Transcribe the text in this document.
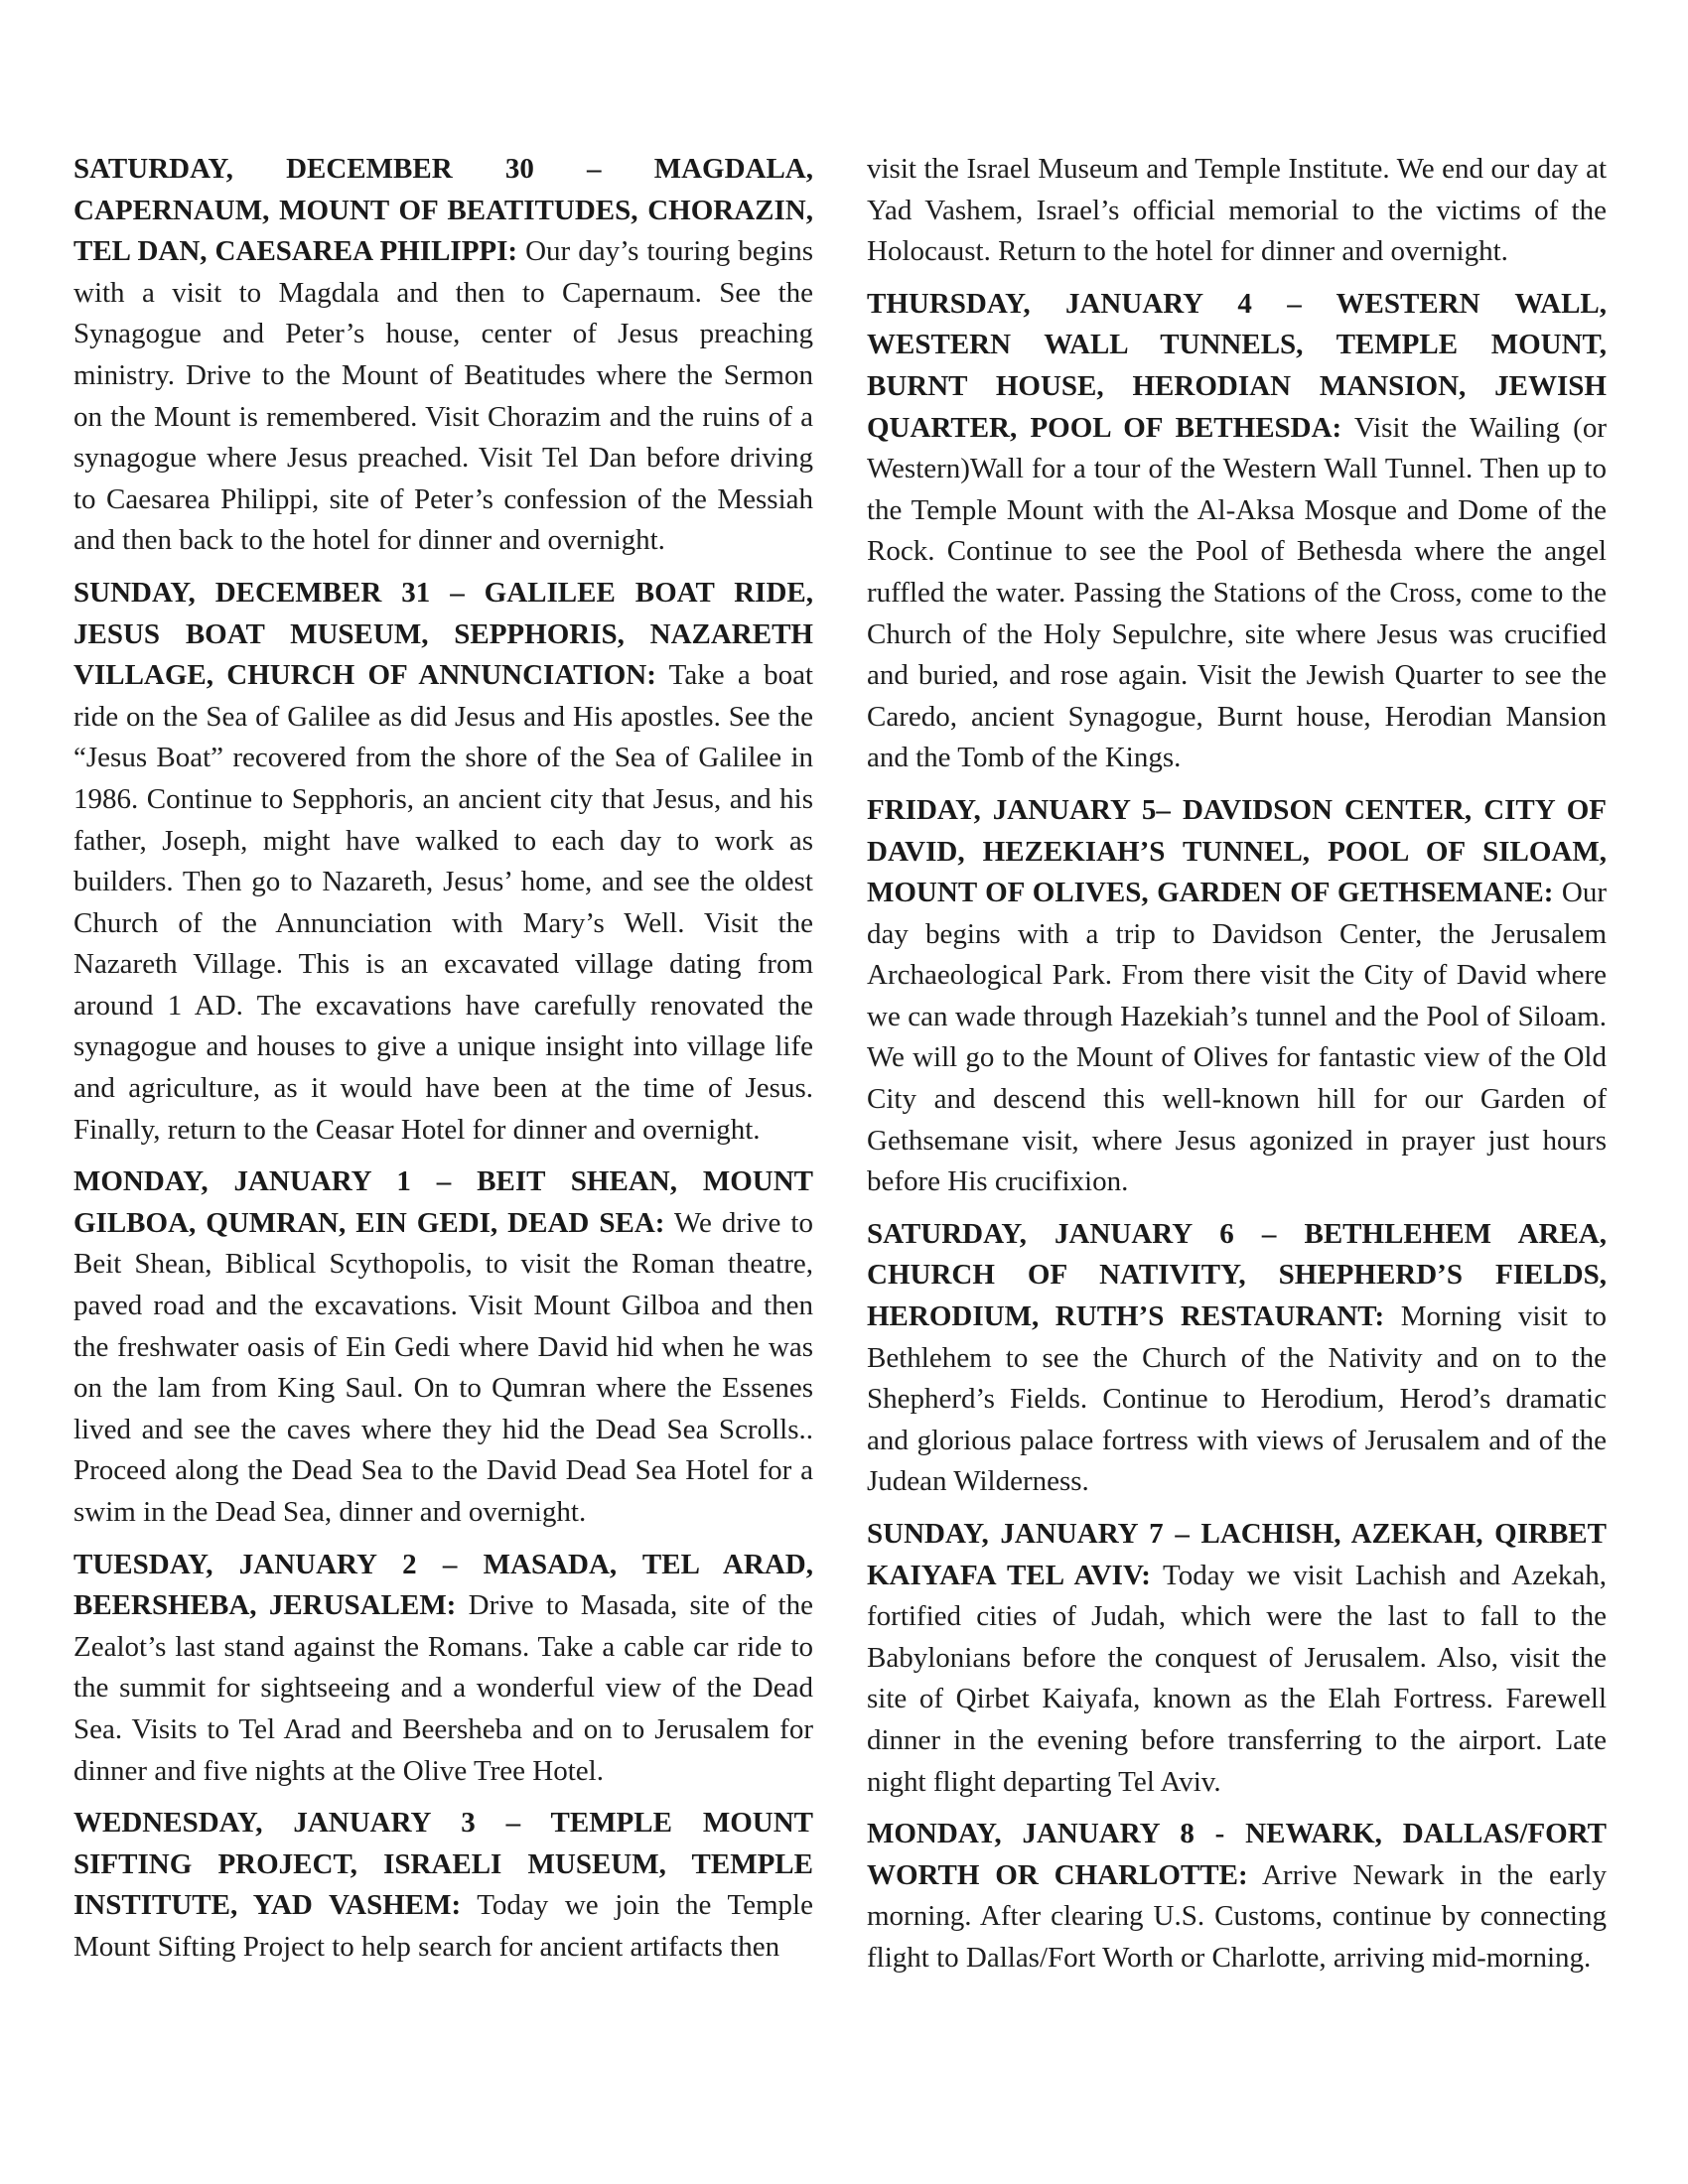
SATURDAY, DECEMBER 30 – MAGDALA, CAPERNAUM, MOUNT OF BEATITUDES, CHORAZIN, TEL DAN, CAESAREA PHILIPPI: Our day’s touring begins with a visit to Magdala and then to Capernaum. See the Synagogue and Peter’s house, center of Jesus preaching ministry. Drive to the Mount of Beatitudes where the Sermon on the Mount is remembered. Visit Chorazim and the ruins of a synagogue where Jesus preached. Visit Tel Dan before driving to Caesarea Philippi, site of Peter’s confession of the Messiah and then back to the hotel for dinner and overnight.

SUNDAY, DECEMBER 31 – GALILEE BOAT RIDE, JESUS BOAT MUSEUM, SEPPHORIS, NAZARETH VILLAGE, CHURCH OF ANNUNCIATION: Take a boat ride on the Sea of Galilee as did Jesus and His apostles. See the “Jesus Boat” recovered from the shore of the Sea of Galilee in 1986. Continue to Sepphoris, an ancient city that Jesus, and his father, Joseph, might have walked to each day to work as builders. Then go to Nazareth, Jesus’ home, and see the oldest Church of the Annunciation with Mary’s Well. Visit the Nazareth Village. This is an excavated village dating from around 1 AD. The excavations have carefully renovated the synagogue and houses to give a unique insight into village life and agriculture, as it would have been at the time of Jesus. Finally, return to the Ceasar Hotel for dinner and overnight.

MONDAY, JANUARY 1 – BEIT SHEAN, MOUNT GILBOA, QUMRAN, EIN GEDI, DEAD SEA: We drive to Beit Shean, Biblical Scythopolis, to visit the Roman theatre, paved road and the excavations. Visit Mount Gilboa and then the freshwater oasis of Ein Gedi where David hid when he was on the lam from King Saul. On to Qumran where the Essenes lived and see the caves where they hid the Dead Sea Scrolls.. Proceed along the Dead Sea to the David Dead Sea Hotel for a swim in the Dead Sea, dinner and overnight.

TUESDAY, JANUARY 2 – MASADA, TEL ARAD, BEERSHEBA, JERUSALEM: Drive to Masada, site of the Zealot’s last stand against the Romans. Take a cable car ride to the summit for sightseeing and a wonderful view of the Dead Sea. Visits to Tel Arad and Beersheba and on to Jerusalem for dinner and five nights at the Olive Tree Hotel.

WEDNESDAY, JANUARY 3 – TEMPLE MOUNT SIFTING PROJECT, ISRAELI MUSEUM, TEMPLE INSTITUTE, YAD VASHEM: Today we join the Temple Mount Sifting Project to help search for ancient artifacts then

visit the Israel Museum and Temple Institute. We end our day at Yad Vashem, Israel’s official memorial to the victims of the Holocaust. Return to the hotel for dinner and overnight.

THURSDAY, JANUARY 4 – WESTERN WALL, WESTERN WALL TUNNELS, TEMPLE MOUNT, BURNT HOUSE, HERODIAN MANSION, JEWISH QUARTER, POOL OF BETHESDA: Visit the Wailing (or Western)Wall for a tour of the Western Wall Tunnel. Then up to the Temple Mount with the Al-Aksa Mosque and Dome of the Rock. Continue to see the Pool of Bethesda where the angel ruffled the water. Passing the Stations of the Cross, come to the Church of the Holy Sepulchre, site where Jesus was crucified and buried, and rose again. Visit the Jewish Quarter to see the Caredo, ancient Synagogue, Burnt house, Herodian Mansion and the Tomb of the Kings.

FRIDAY, JANUARY 5– DAVIDSON CENTER, CITY OF DAVID, HEZEKIAH’S TUNNEL, POOL OF SILOAM, MOUNT OF OLIVES, GARDEN OF GETHSEMANE: Our day begins with a trip to Davidson Center, the Jerusalem Archaeological Park. From there visit the City of David where we can wade through Hazekiah’s tunnel and the Pool of Siloam. We will go to the Mount of Olives for fantastic view of the Old City and descend this well-known hill for our Garden of Gethsemane visit, where Jesus agonized in prayer just hours before His crucifixion.

SATURDAY, JANUARY 6 – BETHLEHEM AREA, CHURCH OF NATIVITY, SHEPHERD’S FIELDS, HERODIUM, RUTH’S RESTAURANT: Morning visit to Bethlehem to see the Church of the Nativity and on to the Shepherd’s Fields. Continue to Herodium, Herod’s dramatic and glorious palace fortress with views of Jerusalem and of the Judean Wilderness.

SUNDAY, JANUARY 7 – LACHISH, AZEKAH, QIRBET KAIYAFA TEL AVIV: Today we visit Lachish and Azekah, fortified cities of Judah, which were the last to fall to the Babylonians before the conquest of Jerusalem. Also, visit the site of Qirbet Kaiyafa, known as the Elah Fortress. Farewell dinner in the evening before transferring to the airport. Late night flight departing Tel Aviv.

MONDAY, JANUARY 8 - NEWARK, DALLAS/FORT WORTH OR CHARLOTTE: Arrive Newark in the early morning. After clearing U.S. Customs, continue by connecting flight to Dallas/Fort Worth or Charlotte, arriving mid-morning.
